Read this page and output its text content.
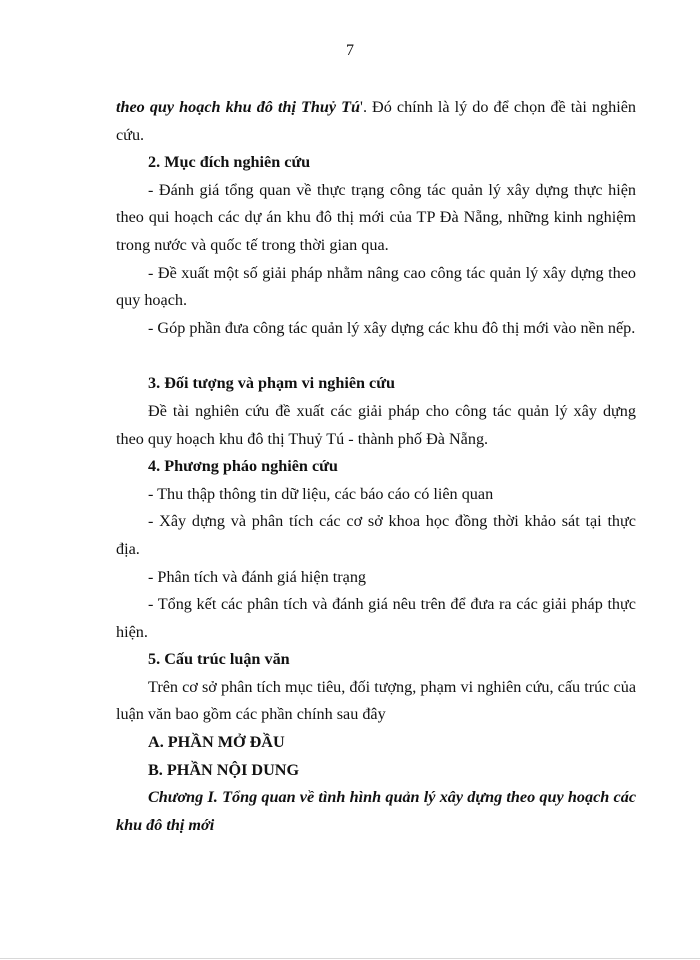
7

theo quy hoạch khu đô thị Thuỷ Tú'. Đó chính là lý do để chọn đề tài nghiên cứu.

2. Mục đích nghiên cứu

- Đánh giá tổng quan về thực trạng công tác quản lý xây dựng thực hiện theo qui hoạch các dự án khu đô thị mới của TP Đà Nẵng, những kinh nghiệm trong nước và quốc tế trong thời gian qua.

- Đề xuất một số giải pháp nhằm nâng cao công tác quản lý xây dựng theo quy hoạch.

- Góp phần đưa công tác quản lý xây dựng các khu đô thị mới vào nền nếp.

3. Đối tượng và phạm vi nghiên cứu

Đề tài nghiên cứu đề xuất các giải pháp cho công tác quản lý xây dựng theo quy hoạch khu đô thị Thuỷ Tú - thành phố Đà Nẵng.

4. Phương pháo nghiên cứu

- Thu thập thông tin dữ liệu, các báo cáo có liên quan

- Xây dựng và phân tích các cơ sở khoa học đồng thời khảo sát tại thực địa.

- Phân tích và đánh giá hiện trạng

- Tổng kết các phân tích và đánh giá nêu trên để đưa ra các giải pháp thực hiện.

5. Cấu trúc luận văn

Trên cơ sở phân tích mục tiêu, đối tượng, phạm vi nghiên cứu, cấu trúc của luận văn bao gồm các phần chính sau đây

A. PHẦN MỞ ĐẦU

B. PHẦN NỘI DUNG

Chương I. Tổng quan về tình hình quản lý xây dựng theo quy hoạch các khu đô thị mới
